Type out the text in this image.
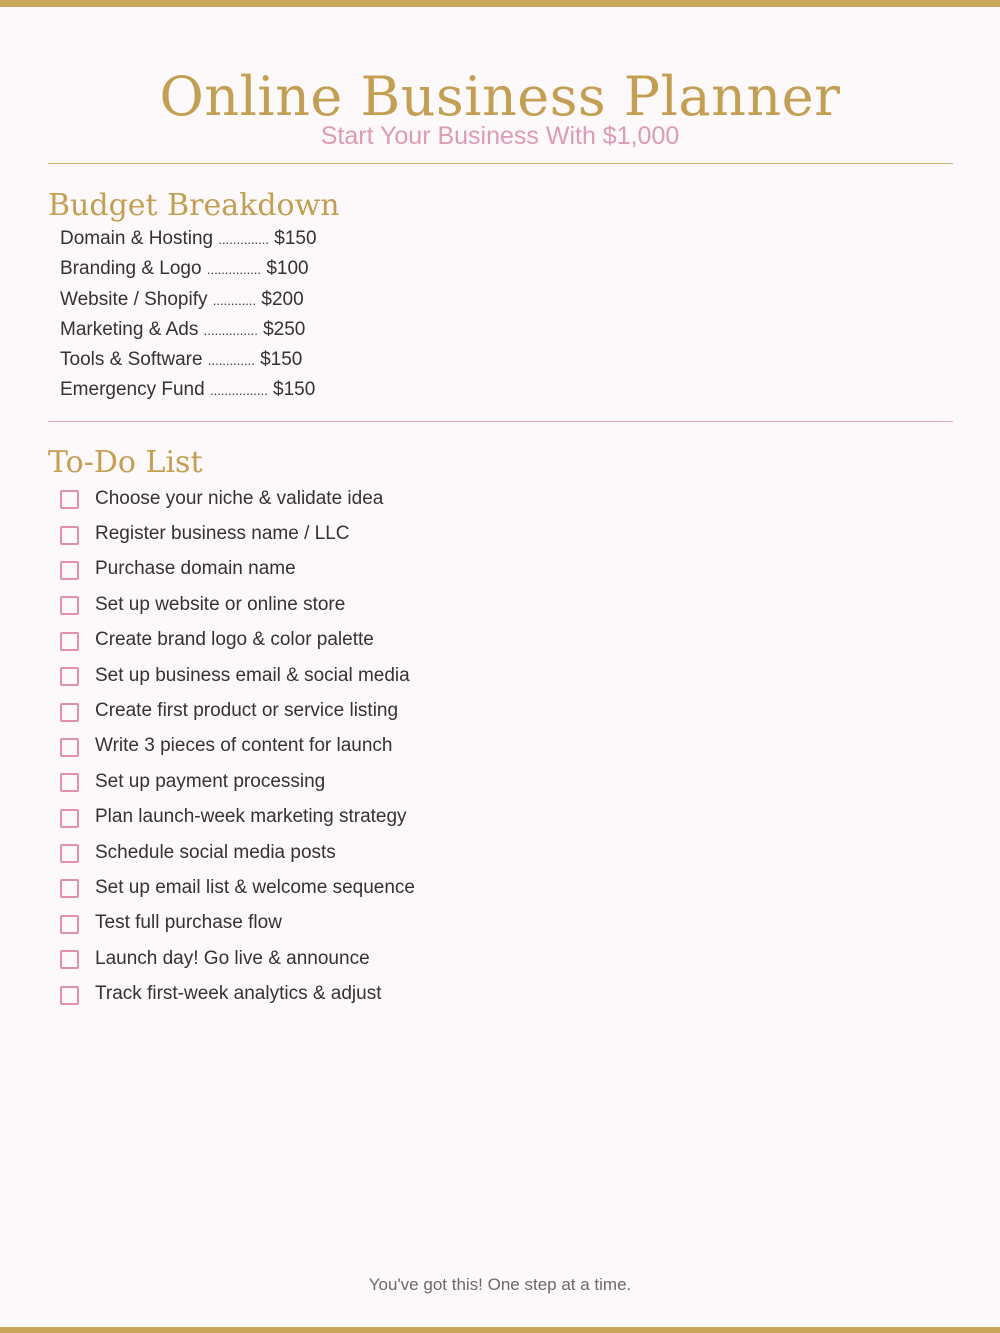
Online Business Planner
Start Your Business With $1,000
Budget Breakdown
Domain & Hosting .............. $150
Branding & Logo ............... $100
Website / Shopify ............ $200
Marketing & Ads ............... $250
Tools & Software ............. $150
Emergency Fund ................ $150
To-Do List
Choose your niche & validate idea
Register business name / LLC
Purchase domain name
Set up website or online store
Create brand logo & color palette
Set up business email & social media
Create first product or service listing
Write 3 pieces of content for launch
Set up payment processing
Plan launch-week marketing strategy
Schedule social media posts
Set up email list & welcome sequence
Test full purchase flow
Launch day! Go live & announce
Track first-week analytics & adjust
You've got this! One step at a time.
